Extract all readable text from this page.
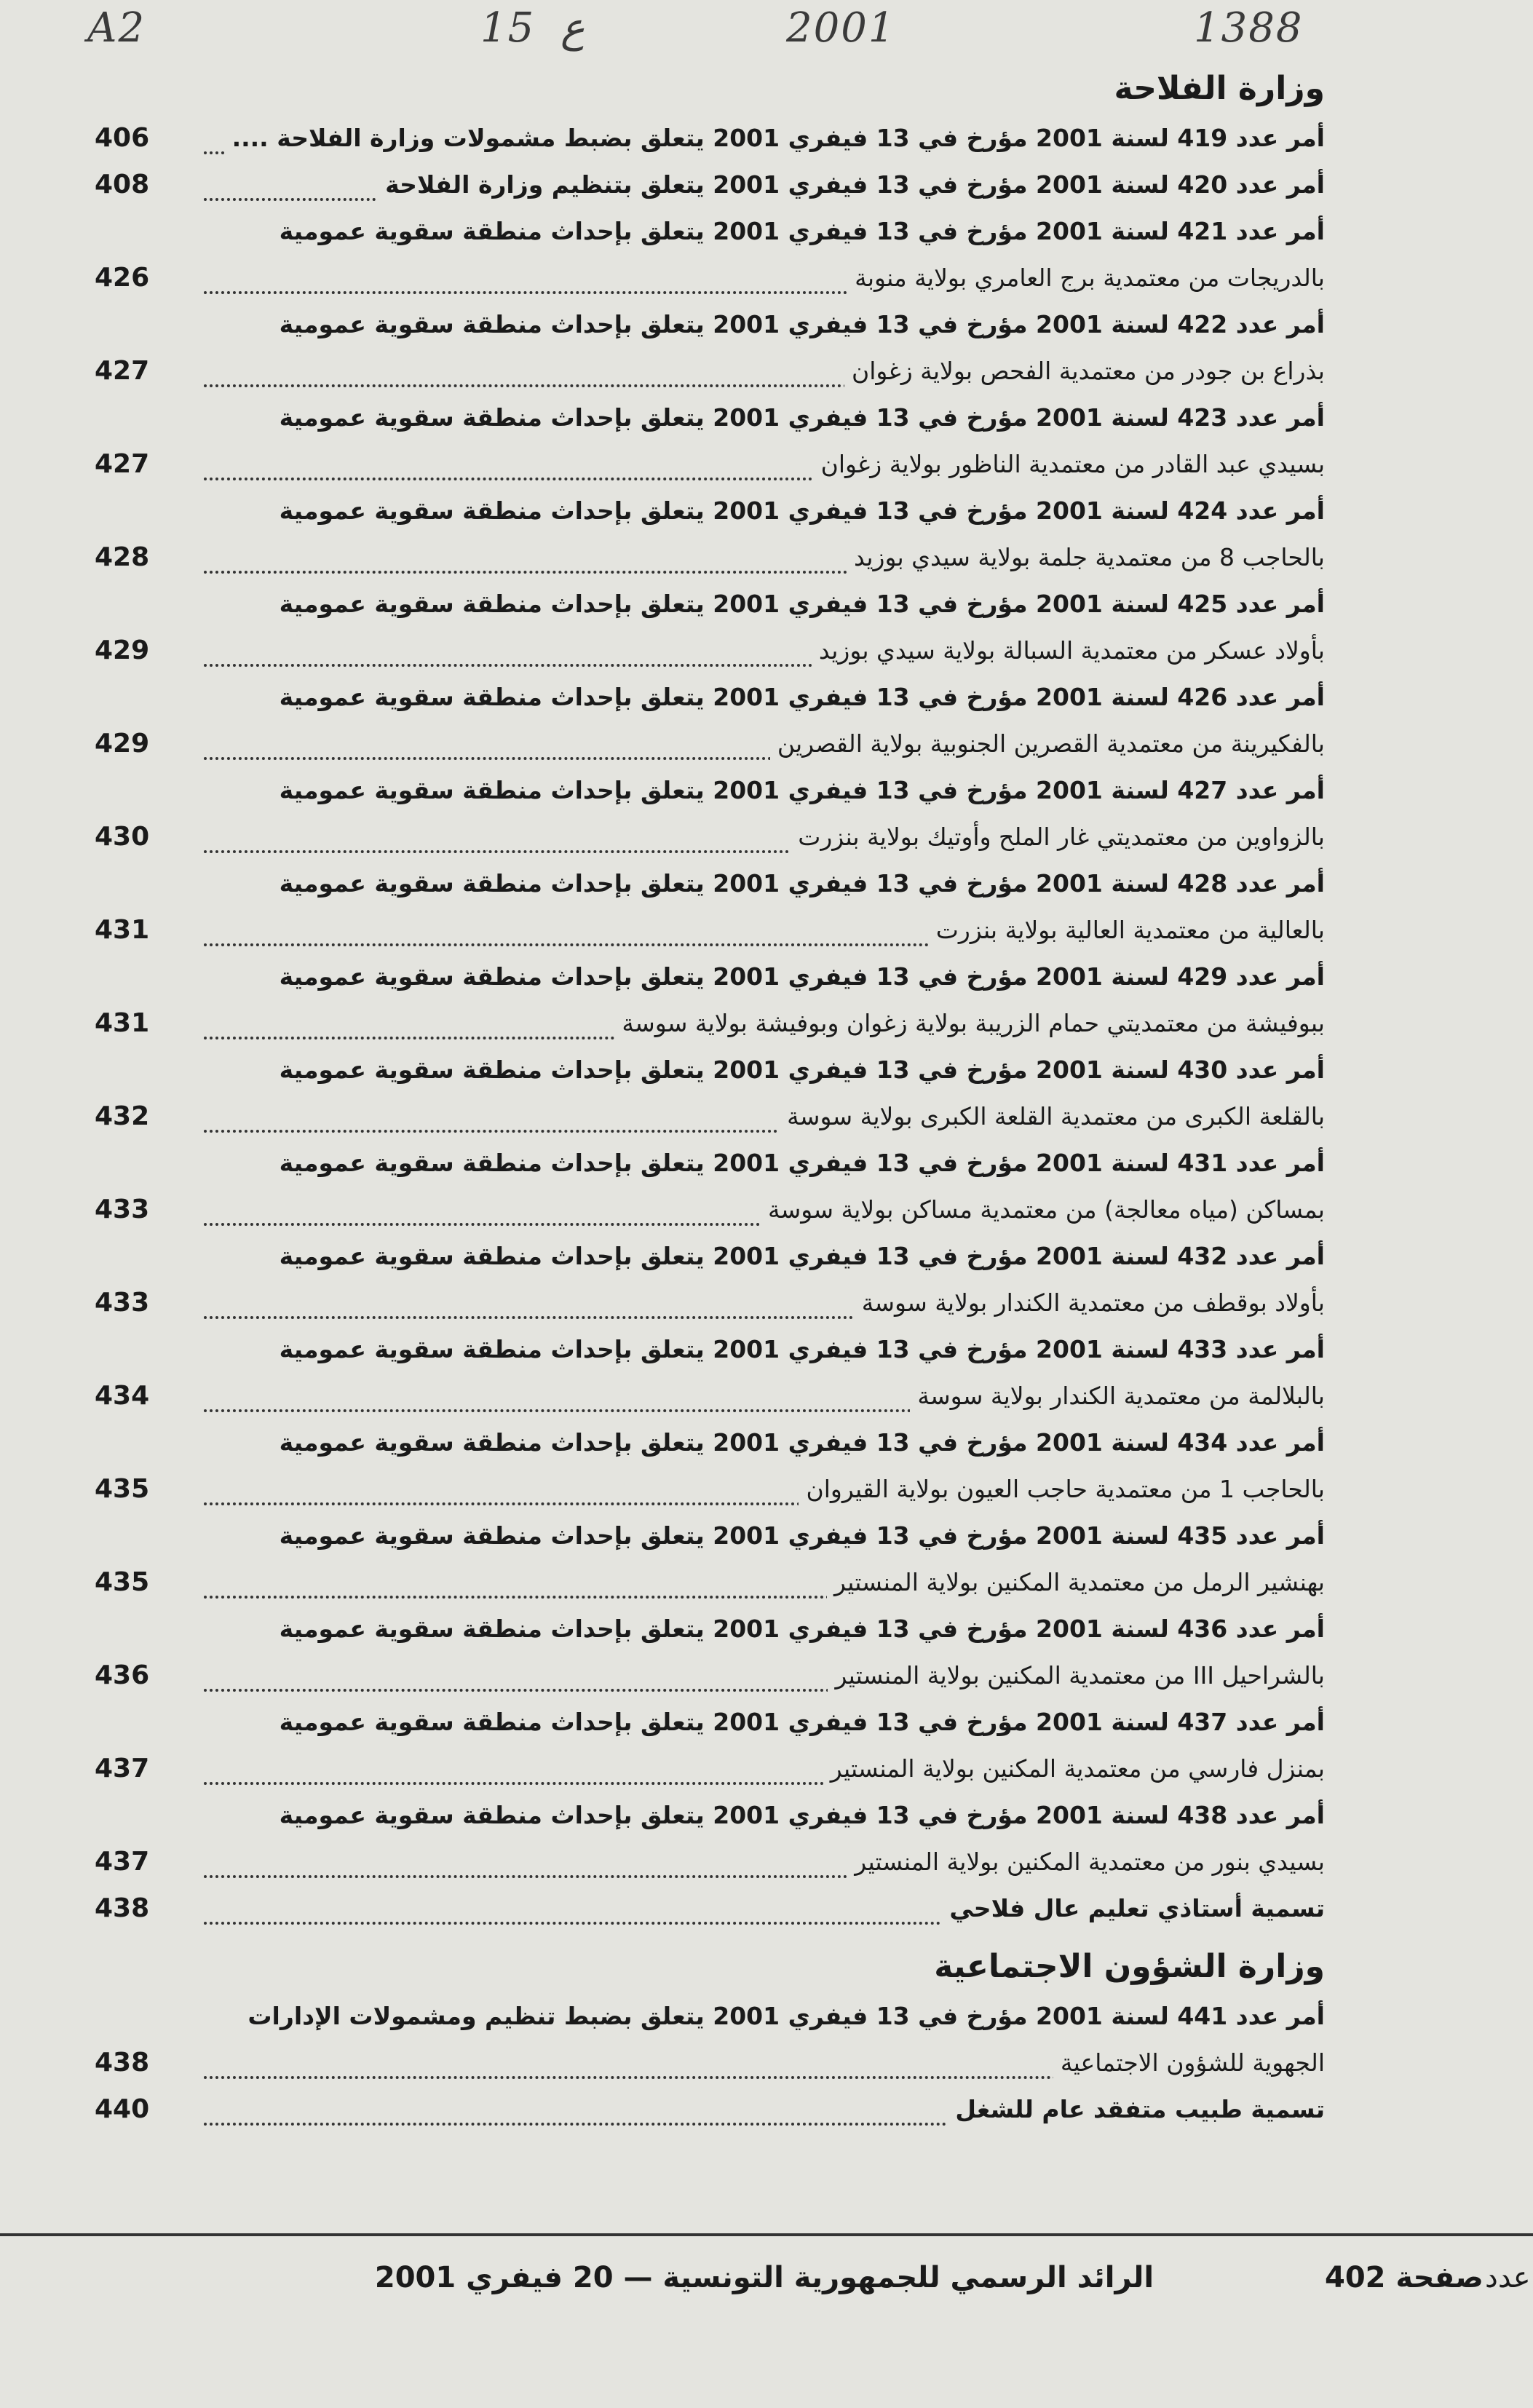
A2	15 ع	2001	1388
وزارة الفلاحة
أمر عدد 419 لسنة 2001 مؤرخ في 13 فيفري 2001 يتعلق بضبط مشمولات وزارة الفلاحة ....
406
أمر عدد 420 لسنة 2001 مؤرخ في 13 فيفري 2001 يتعلق بتنظيم وزارة الفلاحة
408
أمر عدد 421 لسنة 2001 مؤرخ في 13 فيفري 2001 يتعلق بإحداث منطقة سقوية عمومية
بالدريجات من معتمدية برج العامري بولاية منوبة
426
أمر عدد 422 لسنة 2001 مؤرخ في 13 فيفري 2001 يتعلق بإحداث منطقة سقوية عمومية
بذراع بن جودر من معتمدية الفحص بولاية زغوان
427
أمر عدد 423 لسنة 2001 مؤرخ في 13 فيفري 2001 يتعلق بإحداث منطقة سقوية عمومية
بسيدي عبد القادر من معتمدية الناظور بولاية زغوان
427
أمر عدد 424 لسنة 2001 مؤرخ في 13 فيفري 2001 يتعلق بإحداث منطقة سقوية عمومية
بالحاجب 8 من معتمدية جلمة بولاية سيدي بوزيد
428
أمر عدد 425 لسنة 2001 مؤرخ في 13 فيفري 2001 يتعلق بإحداث منطقة سقوية عمومية
بأولاد عسكر من معتمدية السبالة بولاية سيدي بوزيد
429
أمر عدد 426 لسنة 2001 مؤرخ في 13 فيفري 2001 يتعلق بإحداث منطقة سقوية عمومية
بالفكيرينة من معتمدية القصرين الجنوبية بولاية القصرين
429
أمر عدد 427 لسنة 2001 مؤرخ في 13 فيفري 2001 يتعلق بإحداث منطقة سقوية عمومية
بالزواوين من معتمديتي غار الملح وأوتيك بولاية بنزرت
430
أمر عدد 428 لسنة 2001 مؤرخ في 13 فيفري 2001 يتعلق بإحداث منطقة سقوية عمومية
بالعالية من معتمدية العالية بولاية بنزرت
431
أمر عدد 429 لسنة 2001 مؤرخ في 13 فيفري 2001 يتعلق بإحداث منطقة سقوية عمومية
ببوفيشة من معتمديتي حمام الزريبة بولاية زغوان وبوفيشة بولاية سوسة
431
أمر عدد 430 لسنة 2001 مؤرخ في 13 فيفري 2001 يتعلق بإحداث منطقة سقوية عمومية
بالقلعة الكبرى من معتمدية القلعة الكبرى بولاية سوسة
432
أمر عدد 431 لسنة 2001 مؤرخ في 13 فيفري 2001 يتعلق بإحداث منطقة سقوية عمومية
بمساكن (مياه معالجة) من معتمدية مساكن بولاية سوسة
433
أمر عدد 432 لسنة 2001 مؤرخ في 13 فيفري 2001 يتعلق بإحداث منطقة سقوية عمومية
بأولاد بوقطف من معتمدية الكندار بولاية سوسة
433
أمر عدد 433 لسنة 2001 مؤرخ في 13 فيفري 2001 يتعلق بإحداث منطقة سقوية عمومية
بالبلالمة من معتمدية الكندار بولاية سوسة
434
أمر عدد 434 لسنة 2001 مؤرخ في 13 فيفري 2001 يتعلق بإحداث منطقة سقوية عمومية
بالحاجب 1 من معتمدية حاجب العيون بولاية القيروان
435
أمر عدد 435 لسنة 2001 مؤرخ في 13 فيفري 2001 يتعلق بإحداث منطقة سقوية عمومية
بهنشير الرمل من معتمدية المكنين بولاية المنستير
435
أمر عدد 436 لسنة 2001 مؤرخ في 13 فيفري 2001 يتعلق بإحداث منطقة سقوية عمومية
بالشراحيل III من معتمدية المكنين بولاية المنستير
436
أمر عدد 437 لسنة 2001 مؤرخ في 13 فيفري 2001 يتعلق بإحداث منطقة سقوية عمومية
بمنزل فارسي من معتمدية المكنين بولاية المنستير
437
أمر عدد 438 لسنة 2001 مؤرخ في 13 فيفري 2001 يتعلق بإحداث منطقة سقوية عمومية
بسيدي بنور من معتمدية المكنين بولاية المنستير
437
تسمية أستاذي تعليم عال فلاحي
438
وزارة الشؤون الاجتماعية
أمر عدد 441 لسنة 2001 مؤرخ في 13 فيفري 2001 يتعلق بضبط تنظيم ومشمولات الإدارات
الجهوية للشؤون الاجتماعية
438
تسمية طبيب متفقد عام للشغل
440
صفحة 402
الرائد الرسمي للجمهورية التونسية — 20 فيفري 2001	عدد
